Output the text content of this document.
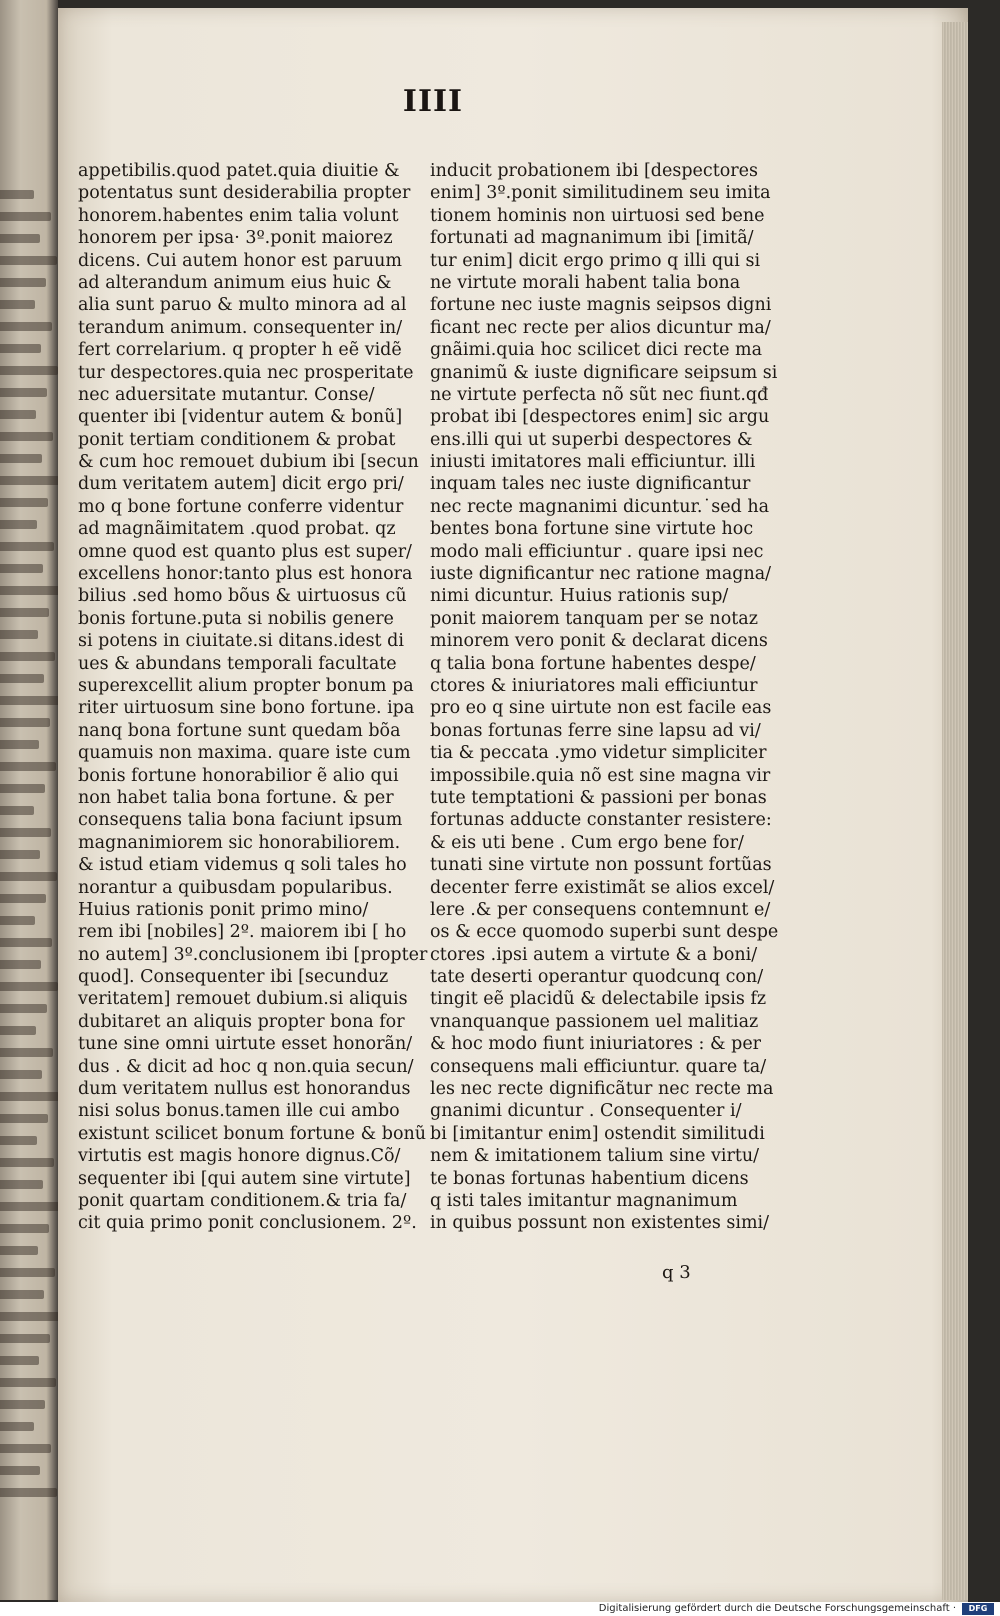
IIII
appetibilis.quod patet.quia diuitie &
potentatus sunt desiderabilia propter
honorem.habentes enim talia volunt
honorem per ipsa· 3º.ponit maiorez
dicens. Cui autem honor est paruum
ad alterandum animum eius huic &
alia sunt paruo & multo minora ad al
terandum animum. consequenter in/
fert correlarium. q propter h eẽ vidẽ
tur despectores.quia nec prosperitate
nec aduersitate mutantur. Conse/
quenter ibi [videntur autem & bonũ]
ponit tertiam conditionem & probat
& cum hoc remouet dubium ibi [secun
dum veritatem autem] dicit ergo pri/
mo q bone fortune conferre videntur
ad magnãimitatem .quod probat. qz
omne quod est quanto plus est super/
excellens honor:tanto plus est honora
bilius .sed homo bõus & uirtuosus cũ
bonis fortune.puta si nobilis genere
si potens in ciuitate.si ditans.idest di
ues & abundans temporali facultate
superexcellit alium propter bonum pa
riter uirtuosum sine bono fortune. ipa
nanq bona fortune sunt quedam bõa
quamuis non maxima. quare iste cum
bonis fortune honorabilior ẽ alio qui
non habet talia bona fortune. & per
consequens talia bona faciunt ipsum
magnanimiorem sic honorabiliorem.
& istud etiam videmus q soli tales ho
norantur a quibusdam popularibus.
Huius rationis ponit primo mino/
rem ibi [nobiles] 2º. maiorem ibi [ ho
no autem] 3º.conclusionem ibi [propter
quod]. Consequenter ibi [secunduz
veritatem] remouet dubium.si aliquis
dubitaret an aliquis propter bona for
tune sine omni uirtute esset honorãn/
dus . & dicit ad hoc q non.quia secun/
dum veritatem nullus est honorandus
nisi solus bonus.tamen ille cui ambo
existunt scilicet bonum fortune & bonũ
virtutis est magis honore dignus.Cõ/
sequenter ibi [qui autem sine virtute]
ponit quartam conditionem.& tria fa/
cit quia primo ponit conclusionem. 2º.
inducit probationem ibi [despectores
enim] 3º.ponit similitudinem seu imita
tionem hominis non uirtuosi sed bene
fortunati ad magnanimum ibi [imitã/
tur enim] dicit ergo primo q illi qui si
ne virtute morali habent talia bona
fortune nec iuste magnis seipsos digni
ficant nec recte per alios dicuntur ma/
gnãimi.quia hoc scilicet dici recte ma
gnanimũ & iuste dignificare seipsum si
ne virtute perfecta nõ sũt nec fiunt.qđ
probat ibi [despectores enim] sic argu
ens.illi qui ut superbi despectores &
iniusti imitatores mali efficiuntur. illi
inquam tales nec iuste dignificantur
nec recte magnanimi dicuntur.˙sed ha
bentes bona fortune sine virtute hoc
modo mali efficiuntur . quare ipsi nec
iuste dignificantur nec ratione magna/
nimi dicuntur. Huius rationis sup/
ponit maiorem tanquam per se notaz
minorem vero ponit & declarat dicens
q talia bona fortune habentes despe/
ctores & iniuriatores mali efficiuntur
pro eo q sine uirtute non est facile eas
bonas fortunas ferre sine lapsu ad vi/
tia & peccata .ymo videtur simpliciter
impossibile.quia nõ est sine magna vir
tute temptationi & passioni per bonas
fortunas adducte constanter resistere:
& eis uti bene . Cum ergo bene for/
tunati sine virtute non possunt fortũas
decenter ferre existimãt se alios excel/
lere .& per consequens contemnunt e/
os & ecce quomodo superbi sunt despe
ctores .ipsi autem a virtute & a boni/
tate deserti operantur quodcunq con/
tingit eẽ placidũ & delectabile ipsis fz
vnanquanque passionem uel malitiaz
& hoc modo fiunt iniuriatores : & per
consequens mali efficiuntur. quare ta/
les nec recte dignificãtur nec recte ma
gnanimi dicuntur . Consequenter i/
bi [imitantur enim] ostendit similitudi
nem & imitationem talium sine virtu/
te bonas fortunas habentium dicens
q isti tales imitantur magnanimum
in quibus possunt non existentes simi/
q 3
Digitalisierung gefördert durch die Deutsche Forschungsgemeinschaft ·	DFG
